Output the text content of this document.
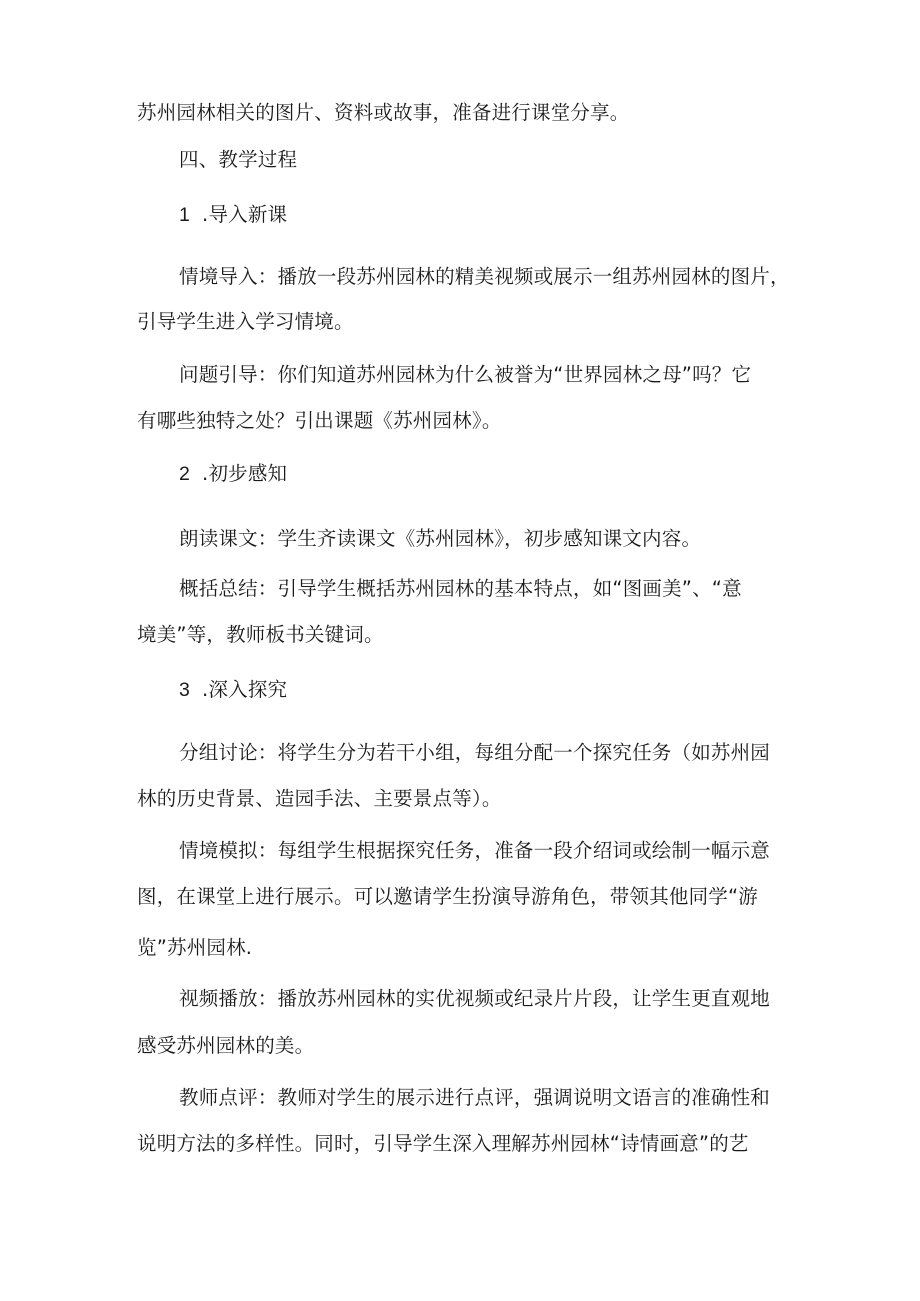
苏州园林相关的图片、资料或故事，准备进行课堂分享。
四、教学过程
1 .导入新课
情境导入：播放一段苏州园林的精美视频或展示一组苏州园林的图片，
引导学生进入学习情境。
问题引导：你们知道苏州园林为什么被誉为“世界园林之母”吗？它
有哪些独特之处？引出课题《苏州园林》。
2 .初步感知
朗读课文：学生齐读课文《苏州园林》，初步感知课文内容。
概括总结：引导学生概括苏州园林的基本特点，如“图画美”、“意
境美”等，教师板书关键词。
3 .深入探究
分组讨论：将学生分为若干小组，每组分配一个探究任务（如苏州园
林的历史背景、造园手法、主要景点等）。
情境模拟：每组学生根据探究任务，准备一段介绍词或绘制一幅示意
图，在课堂上进行展示。可以邀请学生扮演导游角色，带领其他同学“游
览”苏州园林.
视频播放：播放苏州园林的实优视频或纪录片片段，让学生更直观地
感受苏州园林的美。
教师点评：教师对学生的展示进行点评，强调说明文语言的准确性和
说明方法的多样性。同时，引导学生深入理解苏州园林“诗情画意”的艺
